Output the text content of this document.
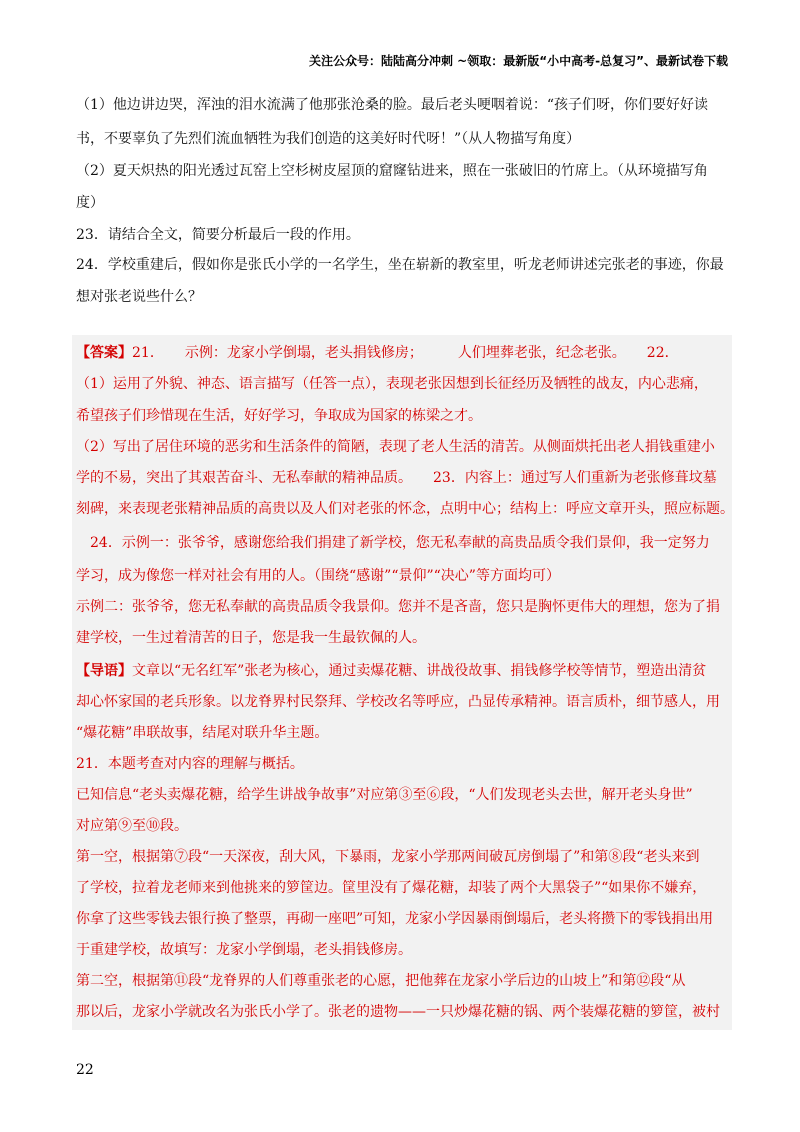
关注公众号：陆陆高分冲刺 ~领取：最新版“小中高考-总复习”、最新试卷下载
（1）他边讲边哭，浑浊的泪水流满了他那张沧桑的脸。最后老头哽咽着说：“孩子们呀，你们要好好读
书，不要辜负了先烈们流血牺牲为我们创造的这美好时代呀！”（从人物描写角度）
（2）夏天炽热的阳光透过瓦窑上空杉树皮屋顶的窟窿钻进来，照在一张破旧的竹席上。（从环境描写角
度）
23．请结合全文，简要分析最后一段的作用。
24．学校重建后，假如你是张氏小学的一名学生，坐在崭新的教室里，听龙老师讲述完张老的事迹，你最
想对张老说些什么？
【答案】21．　　示例：龙家小学倒塌，老头捐钱修房；　　　人们埋葬老张，纪念老张。　　22．
（1）运用了外貌、神态、语言描写（任答一点），表现老张因想到长征经历及牺牲的战友，内心悲痛，
希望孩子们珍惜现在生活，好好学习，争取成为国家的栋梁之才。
（2）写出了居住环境的恶劣和生活条件的简陋，表现了老人生活的清苦。从侧面烘托出老人捐钱重建小
学的不易，突出了其艰苦奋斗、无私奉献的精神品质。　　23．内容上：通过写人们重新为老张修葺坟墓
刻碑，来表现老张精神品质的高贵以及人们对老张的怀念，点明中心；结构上：呼应文章开头，照应标题。
　24．示例一：张爷爷，感谢您给我们捐建了新学校，您无私奉献的高贵品质令我们景仰，我一定努力
学习，成为像您一样对社会有用的人。（围绕“感谢”“景仰”“决心”等方面均可）
示例二：张爷爷，您无私奉献的高贵品质令我景仰。您并不是吝啬，您只是胸怀更伟大的理想，您为了捐
建学校，一生过着清苦的日子，您是我一生最钦佩的人。
【导语】文章以“无名红军”张老为核心，通过卖爆花糖、讲战役故事、捐钱修学校等情节，塑造出清贫
却心怀家国的老兵形象。以龙脊界村民祭拜、学校改名等呼应，凸显传承精神。语言质朴，细节感人，用
“爆花糖”串联故事，结尾对联升华主题。
21．本题考查对内容的理解与概括。
已知信息“老头卖爆花糖，给学生讲战争故事”对应第③至⑥段，“人们发现老头去世，解开老头身世”
对应第⑨至⑩段。
第一空，根据第⑦段“一天深夜，刮大风，下暴雨，龙家小学那两间破瓦房倒塌了”和第⑧段“老头来到
了学校，拉着龙老师来到他挑来的箩筐边。筐里没有了爆花糖，却装了两个大黑袋子”“如果你不嫌弃，
你拿了这些零钱去银行换了整票，再砌一座吧”可知，龙家小学因暴雨倒塌后，老头将攒下的零钱捐出用
于重建学校，故填写：龙家小学倒塌，老头捐钱修房。
第二空，根据第⑪段“龙脊界的人们尊重张老的心愿，把他葬在龙家小学后边的山坡上”和第⑫段“从
那以后，龙家小学就改名为张氏小学了。张老的遗物——一只炒爆花糖的锅、两个装爆花糖的箩筐，被村
22
